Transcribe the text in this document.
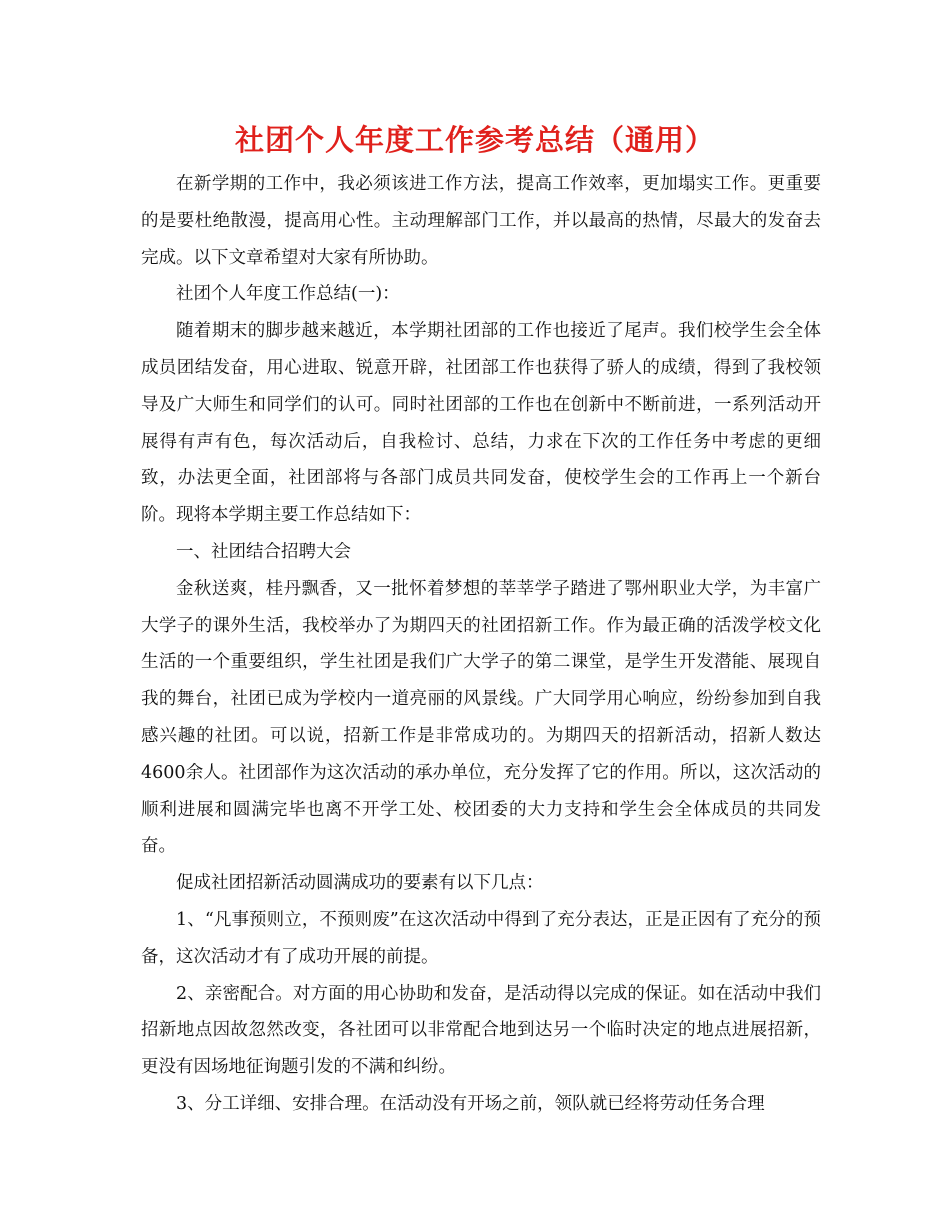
社团个人年度工作参考总结（通用）

在新学期的工作中，我必须该进工作方法，提高工作效率，更加塌实工作。更重要的是要杜绝散漫，提高用心性。主动理解部门工作，并以最高的热情，尽最大的发奋去完成。以下文章希望对大家有所协助。

社团个人年度工作总结(一)：

随着期末的脚步越来越近，本学期社团部的工作也接近了尾声。我们校学生会全体成员团结发奋，用心进取、锐意开辟，社团部工作也获得了骄人的成绩，得到了我校领导及广大师生和同学们的认可。同时社团部的工作也在创新中不断前进，一系列活动开展得有声有色，每次活动后，自我检讨、总结，力求在下次的工作任务中考虑的更细致，办法更全面，社团部将与各部门成员共同发奋，使校学生会的工作再上一个新台阶。现将本学期主要工作总结如下：

一、社团结合招聘大会

金秋送爽，桂丹飘香，又一批怀着梦想的莘莘学子踏进了鄂州职业大学，为丰富广大学子的课外生活，我校举办了为期四天的社团招新工作。作为最正确的活泼学校文化生活的一个重要组织，学生社团是我们广大学子的第二课堂，是学生开发潜能、展现自我的舞台，社团已成为学校内一道亮丽的风景线。广大同学用心响应，纷纷参加到自我感兴趣的社团。可以说，招新工作是非常成功的。为期四天的招新活动，招新人数达4600余人。社团部作为这次活动的承办单位，充分发挥了它的作用。所以，这次活动的顺利进展和圆满完毕也离不开学工处、校团委的大力支持和学生会全体成员的共同发奋。

促成社团招新活动圆满成功的要素有以下几点：

1、“凡事预则立，不预则废”在这次活动中得到了充分表达，正是正因有了充分的预备，这次活动才有了成功开展的前提。

2、亲密配合。对方面的用心协助和发奋，是活动得以完成的保证。如在活动中我们招新地点因故忽然改变，各社团可以非常配合地到达另一个临时决定的地点进展招新，更没有因场地征询题引发的不满和纠纷。

3、分工详细、安排合理。在活动没有开场之前，领队就已经将劳动任务合理
